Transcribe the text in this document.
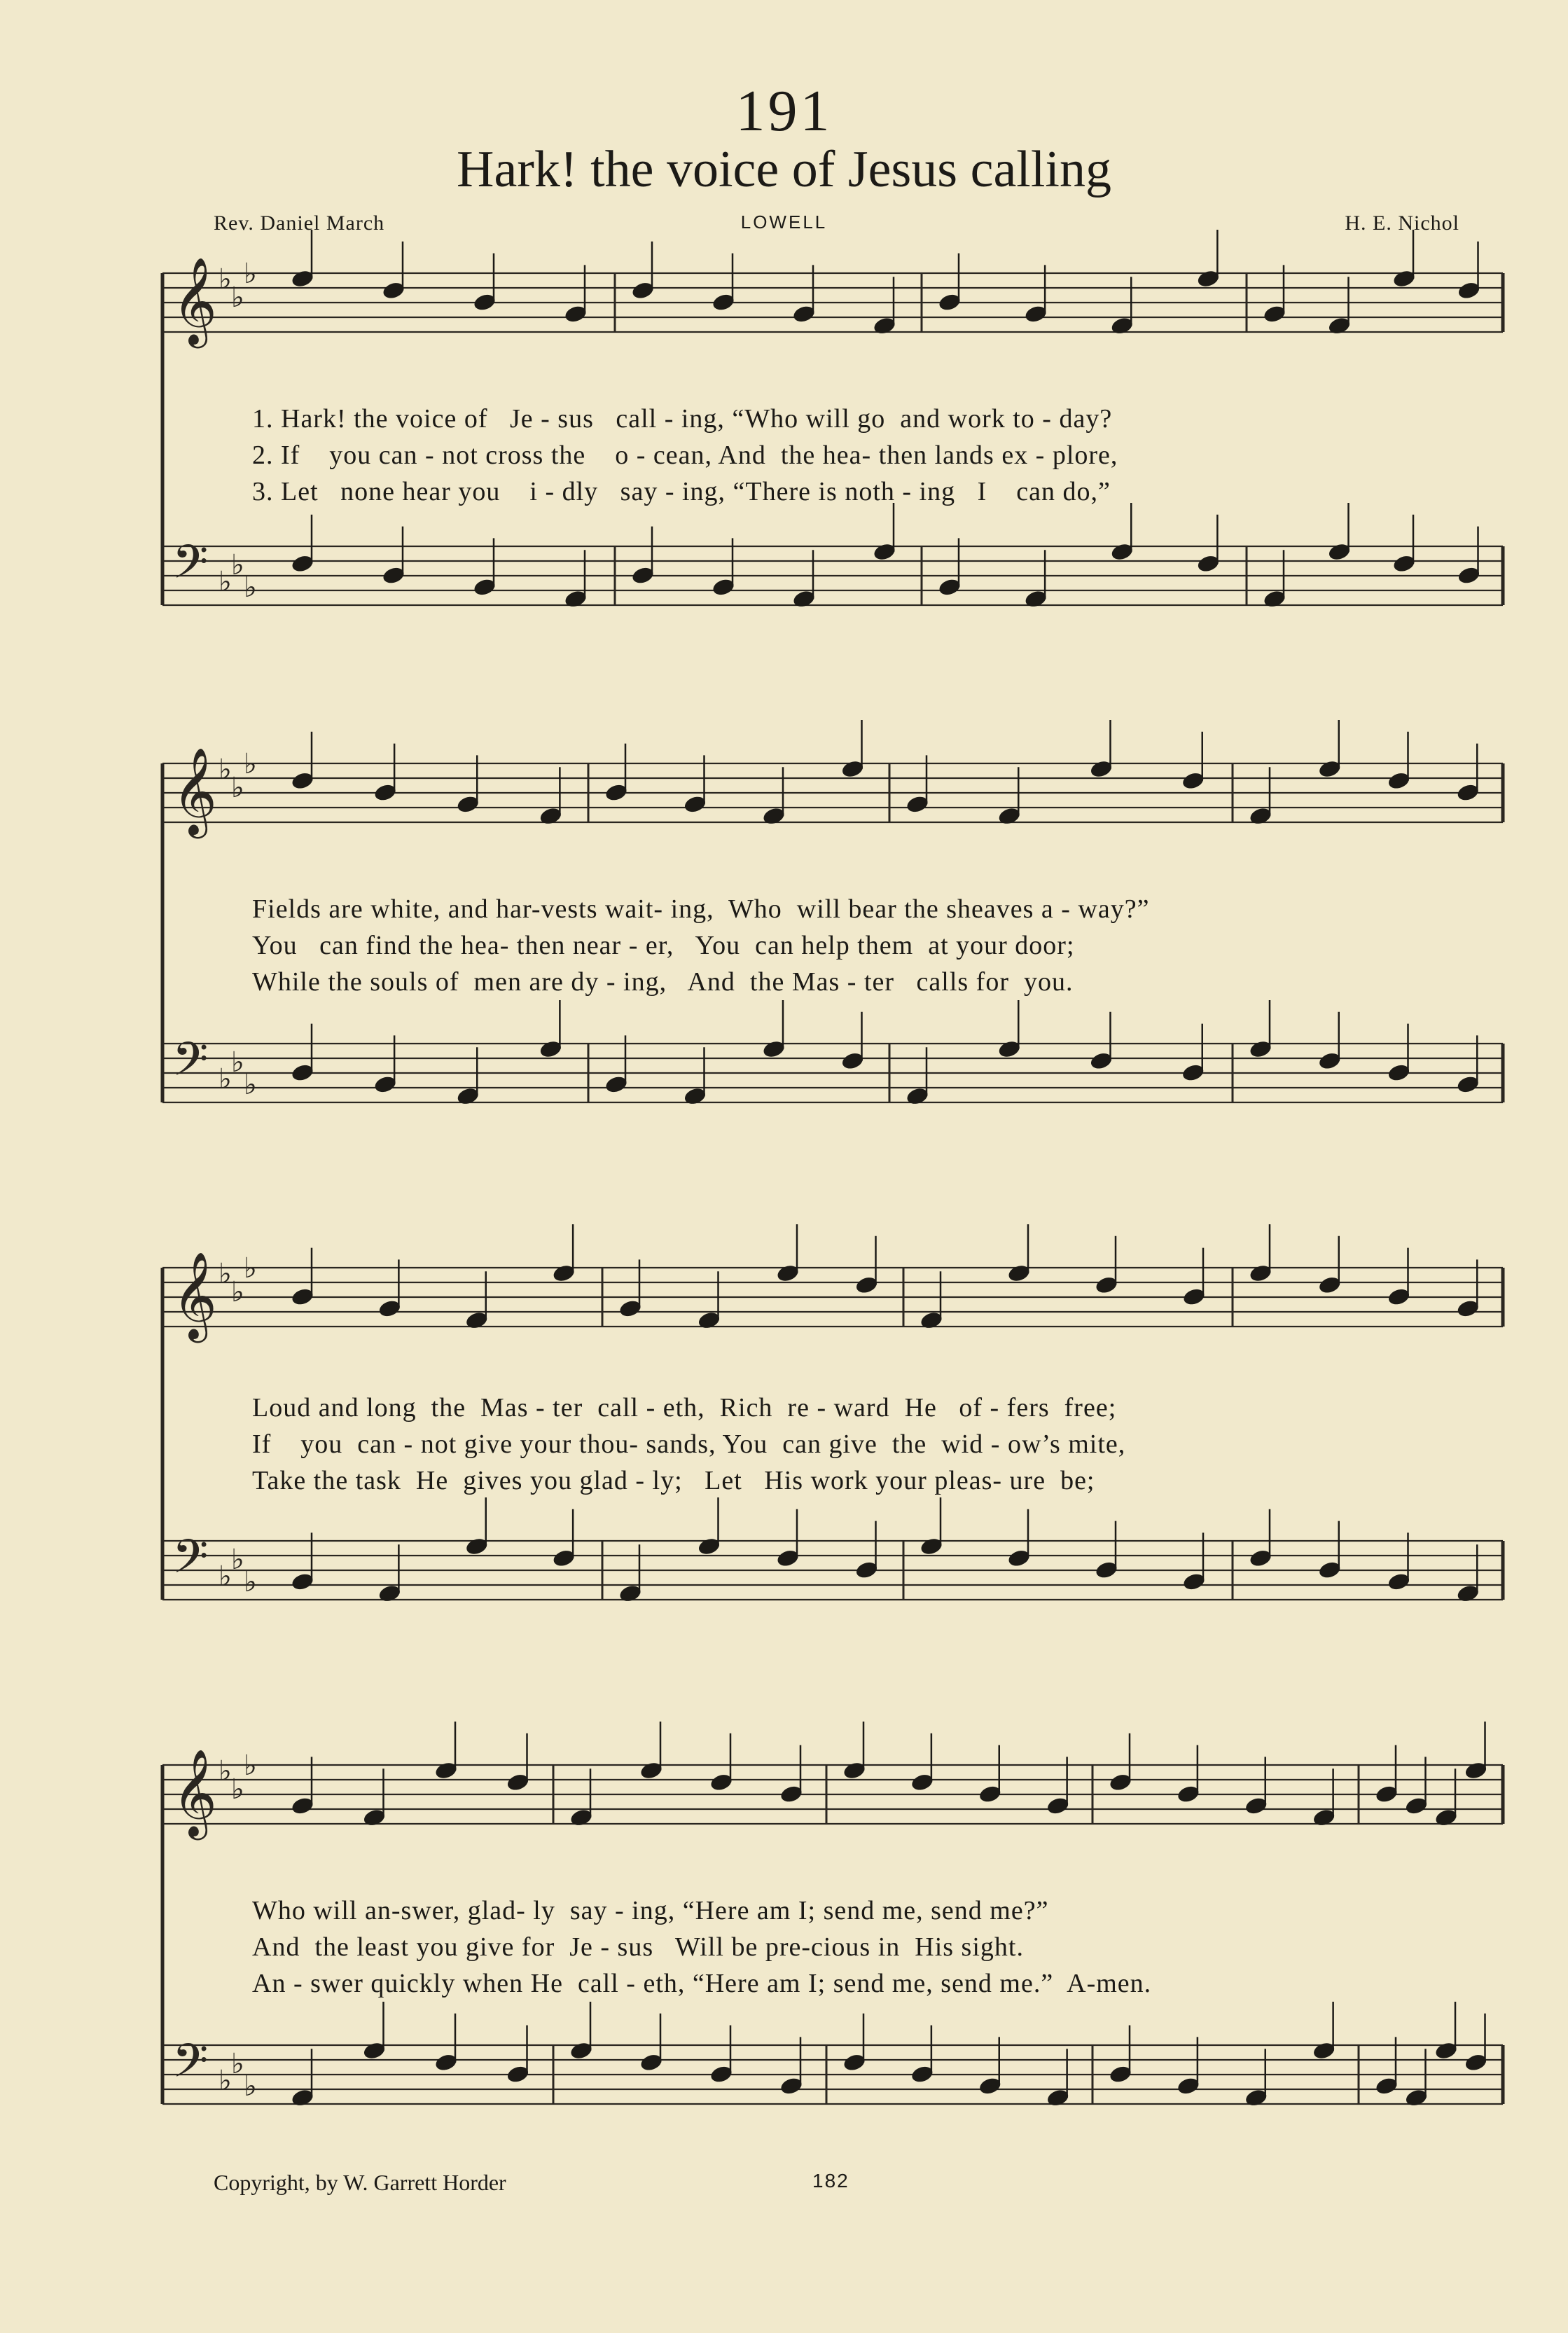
191
Hark! the voice of Jesus calling
Rev. Daniel March	LOWELL	H. E. Nichol
𝄞 ♭
♭
♭
𝄢 ♭
♭
♭
𝄞 ♭
♭
♭
𝄢 ♭
♭
♭
𝄞 ♭
♭
♭
𝄢 ♭
♭
♭
𝄞 ♭
♭
♭
𝄢 ♭
♭
♭
1. Hark! the voice of   Je - sus   call - ing, “Who will go  and work to - day?
2. If    you can - not cross the    o - cean, And  the hea- then lands ex - plore,
3. Let   none hear you    i - dly   say - ing, “There is noth - ing   I    can do,”
Fields are white, and har-vests wait- ing,  Who  will bear the sheaves a - way?”
You   can find the hea- then near - er,   You  can help them  at your door;
While the souls of  men are dy - ing,   And  the Mas - ter   calls for  you.
Loud and long  the  Mas - ter  call - eth,  Rich  re - ward  He   of - fers  free;
If    you  can - not give your thou- sands, You  can give  the  wid - ow’s mite,
Take the task  He  gives you glad - ly;   Let   His work your pleas- ure  be;
Who will an-swer, glad- ly  say - ing, “Here am I; send me, send me?”
And  the least you give for  Je - sus   Will be pre-cious in  His sight.
An - swer quickly when He  call - eth, “Here am I; send me, send me.”  A-men.
Copyright, by W. Garrett Horder	182
